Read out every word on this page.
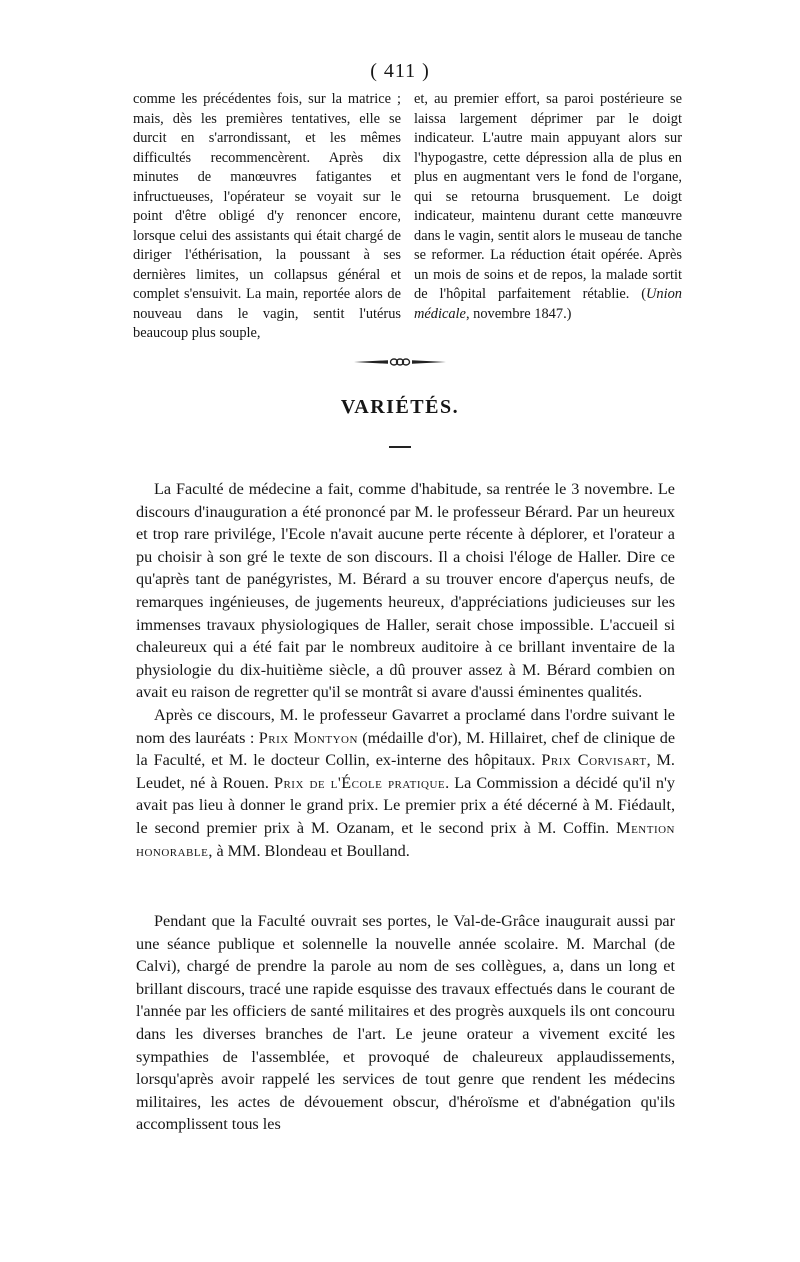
( 411 )

comme les précédentes fois, sur la matrice ; mais, dès les premières tentatives, elle se durcit en s'arrondissant, et les mêmes difficultés recommencèrent. Après dix minutes de manœuvres fatigantes et infructueuses, l'opérateur se voyait sur le point d'être obligé d'y renoncer encore, lorsque celui des assistants qui était chargé de diriger l'éthérisation, la poussant à ses dernières limites, un collapsus général et complet s'ensuivit. La main, reportée alors de nouveau dans le vagin, sentit l'utérus beaucoup plus souple,

et, au premier effort, sa paroi postérieure se laissa largement déprimer par le doigt indicateur. L'autre main appuyant alors sur l'hypogastre, cette dépression alla de plus en plus en augmentant vers le fond de l'organe, qui se retourna brusquement. Le doigt indicateur, maintenu durant cette manœuvre dans le vagin, sentit alors le museau de tanche se reformer. La réduction était opérée. Après un mois de soins et de repos, la malade sortit de l'hôpital parfaitement rétablie. (Union médicale, novembre 1847.)

VARIÉTÉS.

La Faculté de médecine a fait, comme d'habitude, sa rentrée le 3 novembre. Le discours d'inauguration a été prononcé par M. le professeur Bérard. Par un heureux et trop rare privilége, l'Ecole n'avait aucune perte récente à déplorer, et l'orateur a pu choisir à son gré le texte de son discours. Il a choisi l'éloge de Haller. Dire ce qu'après tant de panégyristes, M. Bérard a su trouver encore d'aperçus neufs, de remarques ingénieuses, de jugements heureux, d'appréciations judicieuses sur les immenses travaux physiologiques de Haller, serait chose impossible. L'accueil si chaleureux qui a été fait par le nombreux auditoire à ce brillant inventaire de la physiologie du dix-huitième siècle, a dû prouver assez à M. Bérard combien on avait eu raison de regretter qu'il se montrât si avare d'aussi éminentes qualités.

Après ce discours, M. le professeur Gavarret a proclamé dans l'ordre suivant le nom des lauréats : Prix Montyon (médaille d'or), M. Hillairet, chef de clinique de la Faculté, et M. le docteur Collin, ex-interne des hôpitaux. Prix Corvisart, M. Leudet, né à Rouen. Prix de l'École pratique. La Commission a décidé qu'il n'y avait pas lieu à donner le grand prix. Le premier prix a été décerné à M. Fiédault, le second premier prix à M. Ozanam, et le second prix à M. Coffin. Mention honorable, à MM. Blondeau et Boulland.

Pendant que la Faculté ouvrait ses portes, le Val-de-Grâce inaugurait aussi par une séance publique et solennelle la nouvelle année scolaire. M. Marchal (de Calvi), chargé de prendre la parole au nom de ses collègues, a, dans un long et brillant discours, tracé une rapide esquisse des travaux effectués dans le courant de l'année par les officiers de santé militaires et des progrès auxquels ils ont concouru dans les diverses branches de l'art. Le jeune orateur a vivement excité les sympathies de l'assemblée, et provoqué de chaleureux applaudissements, lorsqu'après avoir rappelé les services de tout genre que rendent les médecins militaires, les actes de dévouement obscur, d'héroïsme et d'abnégation qu'ils accomplissent tous les
